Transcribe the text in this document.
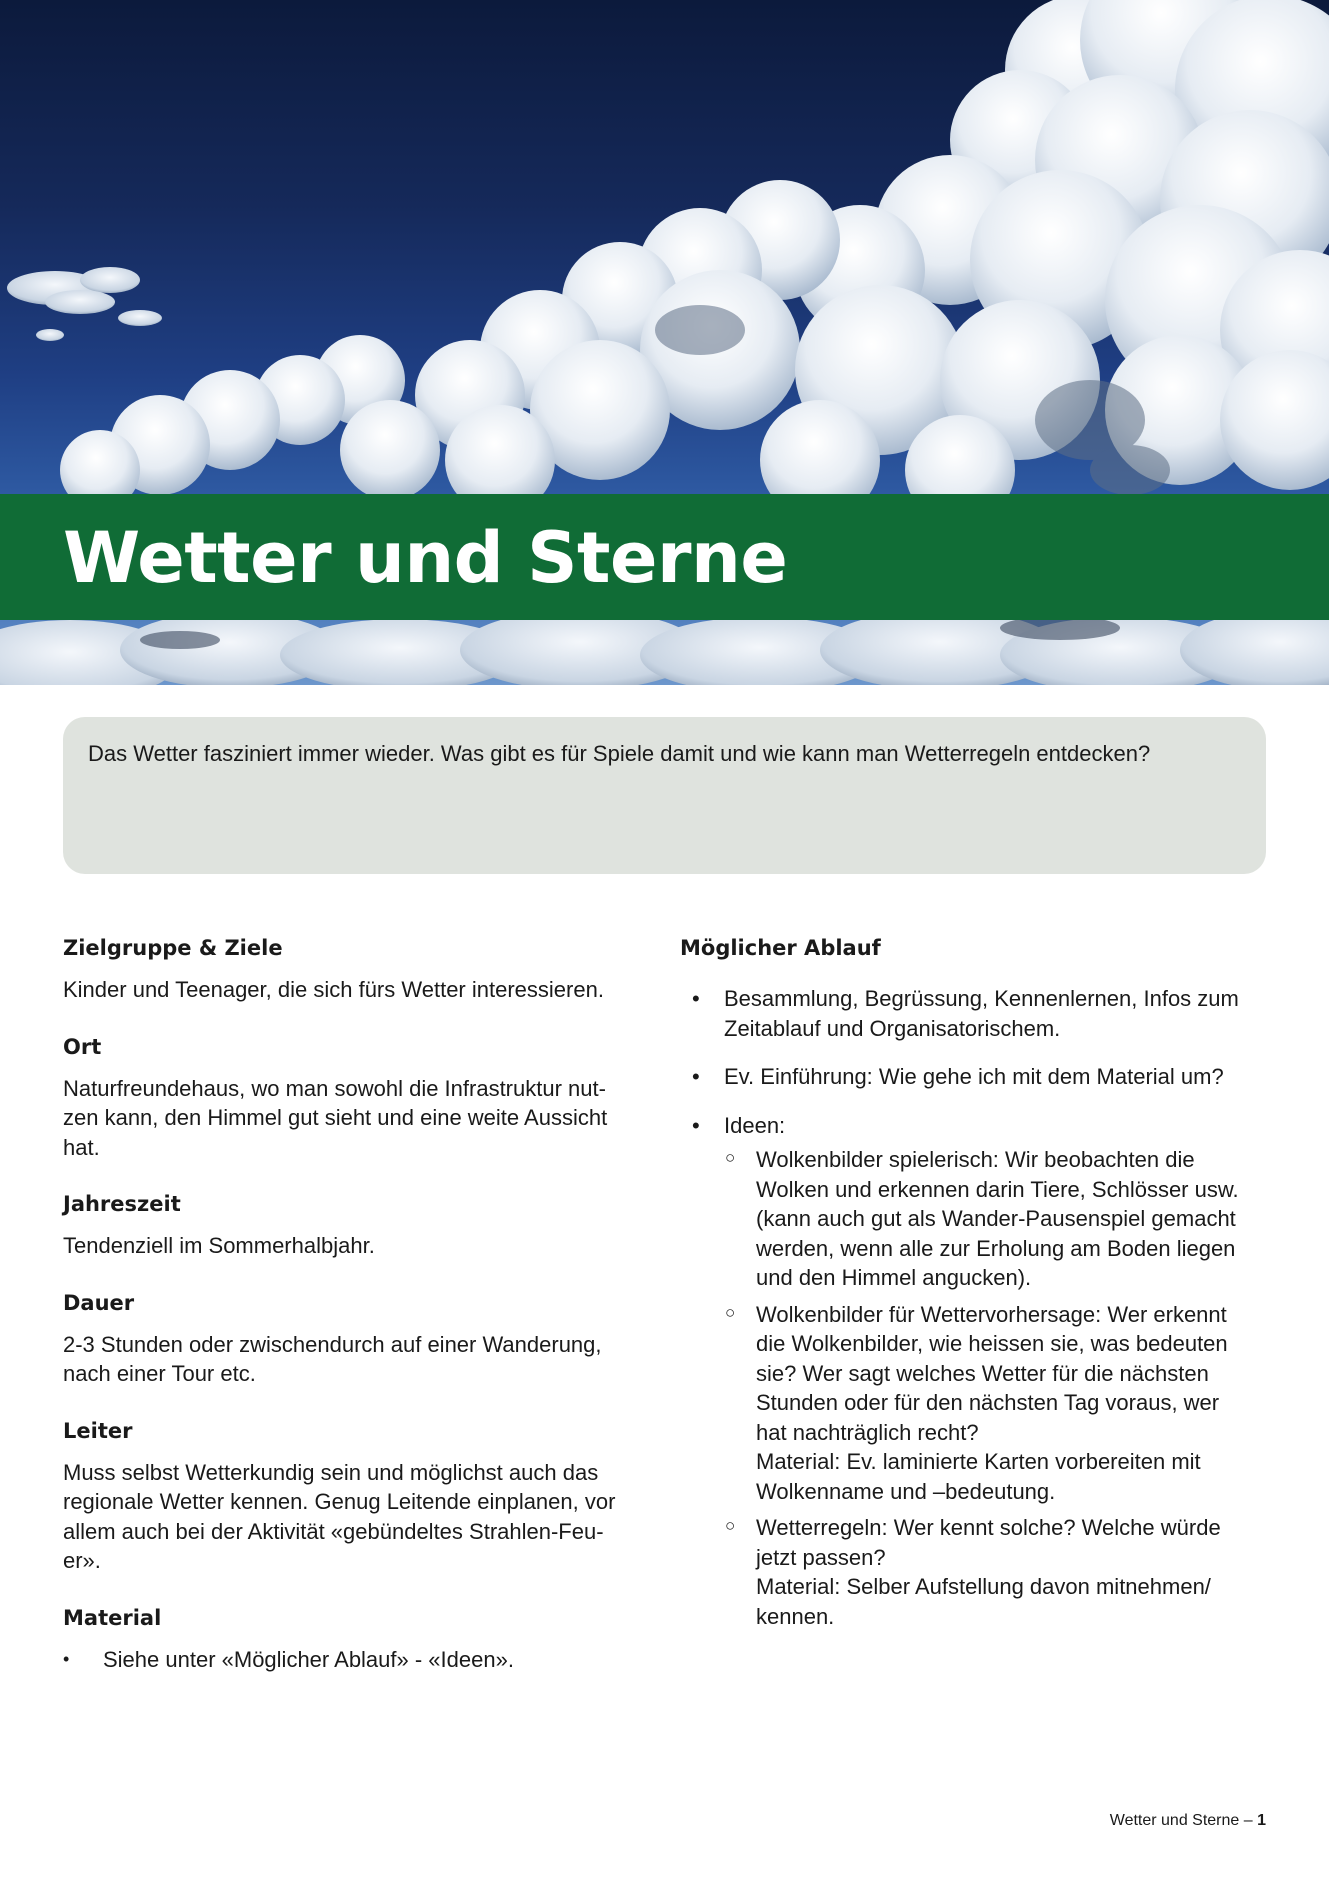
Wetter und Sterne

Das Wetter fasziniert immer wieder. Was gibt es für Spiele damit und wie kann man Wetterregeln entdecken?

Zielgruppe & Ziele

Kinder und Teenager, die sich fürs Wetter interessieren.

Ort

Naturfreundehaus, wo man sowohl die Infrastruktur nut-
zen kann, den Himmel gut sieht und eine weite Aussicht
hat.

Jahreszeit

Tendenziell im Sommerhalbjahr.

Dauer

2-3 Stunden oder zwischendurch auf einer Wanderung,
nach einer Tour etc.

Leiter

Muss selbst Wetterkundig sein und möglichst auch das
regionale Wetter kennen. Genug Leitende einplanen, vor
allem auch bei der Aktivität «gebündeltes Strahlen-Feu-
er».

Material

• Siehe unter «Möglicher Ablauf» - «Ideen».

Möglicher Ablauf

• Besammlung, Begrüssung, Kennenlernen, Infos zum
Zeitablauf und Organisatorischem.
• Ev. Einführung: Wie gehe ich mit dem Material um?
• Ideen:
○ Wolkenbilder spielerisch: Wir beobachten die
Wolken und erkennen darin Tiere, Schlösser usw.
(kann auch gut als Wander-Pausenspiel gemacht
werden, wenn alle zur Erholung am Boden liegen
und den Himmel angucken).
○ Wolkenbilder für Wettervorhersage: Wer erkennt
die Wolkenbilder, wie heissen sie, was bedeuten
sie? Wer sagt welches Wetter für die nächsten
Stunden oder für den nächsten Tag voraus, wer
hat nachträglich recht?
Material: Ev. laminierte Karten vorbereiten mit
Wolkenname und –bedeutung.
○ Wetterregeln: Wer kennt solche? Welche würde
jetzt passen?
Material: Selber Aufstellung davon mitnehmen/
kennen.
Wetter und Sterne – 1
